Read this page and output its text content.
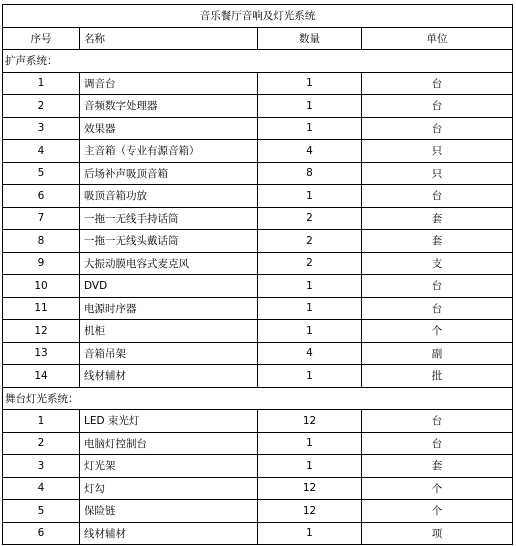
音乐餐厅音响及灯光系统			
序号	名称	数量	单位
扩声系统：			
1	调音台	1	台
2	音频数字处理器	1	台
3	效果器	1	台
4	主音箱（专业有源音箱）	4	只
5	后场补声吸顶音箱	8	只
6	吸顶音箱功放	1	台
7	一拖一无线手持话筒	2	套
8	一拖一无线头戴话筒	2	套
9	大振动膜电容式麦克风	2	支
10	DVD	1	台
11	电源时序器	1	台
12	机柜	1	个
13	音箱吊架	4	副
14	线材辅材	1	批
舞台灯光系统：			
1	LED 束光灯	12	台
2	电脑灯控制台	1	台
3	灯光架	1	套
4	灯勾	12	个
5	保险链	12	个
6	线材辅材	1	项
